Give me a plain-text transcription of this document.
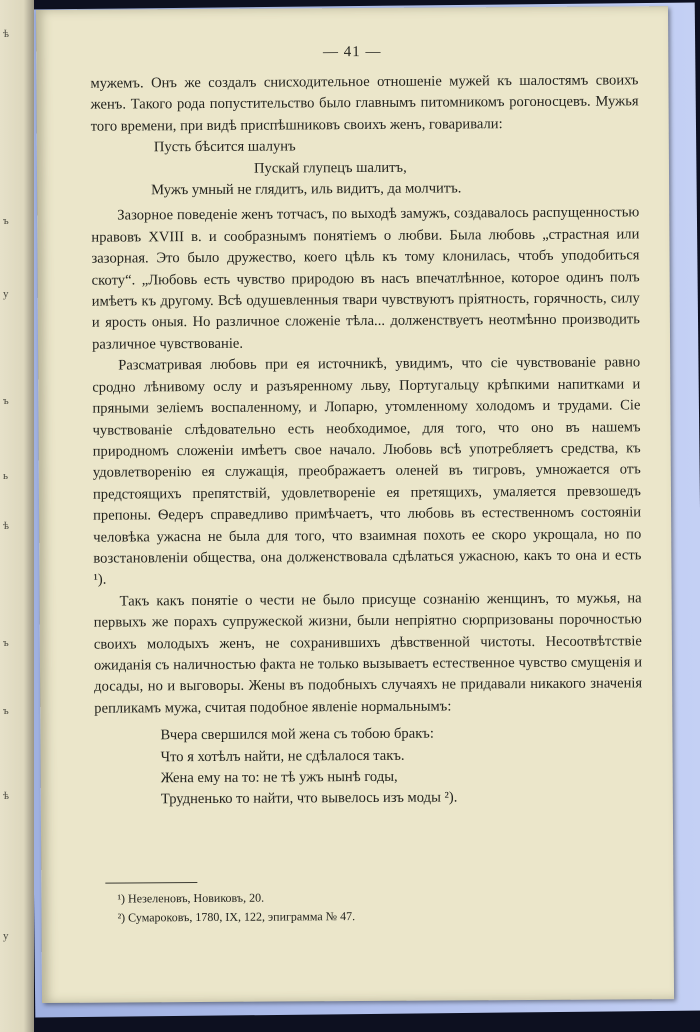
ѣ
ъ
у
ъ
ь
ѣ
ъ
ъ
ѣ
у
— 41 —

мужемъ. Онъ же создалъ снисходительное отношеніе мужей къ шалостямъ своихъ женъ. Такого рода попустительство было главнымъ питомникомъ рогоносцевъ. Мужья того времени, при видѣ приспѣшниковъ своихъ женъ, говаривали:

Пусть бѣсится шалунъ
Пускай глупецъ шалитъ,
Мужъ умный не глядитъ, иль видитъ, да молчитъ.

Зазорное поведеніе женъ тотчасъ, по выходѣ замужъ, создавалось распущенностью нравовъ XVIII в. и сообразнымъ понятіемъ о любви. Была любовь „страстная или зазорная. Это было дружество, коего цѣль къ тому клонилась, чтобъ уподобиться скоту“. „Любовь есть чувство природою въ насъ впечатлѣнное, которое одинъ полъ имѣетъ къ другому. Всѣ одушевленныя твари чувствуютъ пріятность, горячность, силу и ярость оныя. Но различное сложеніе тѣла... долженствуетъ неотмѣнно производить различное чувствованіе.

Разсматривая любовь при ея источникѣ, увидимъ, что сіе чувствованіе равно сродно лѣнивому ослу и разъяренному льву, Португальцу крѣпкими напитками и пряными зеліемъ воспаленному, и Лопарю, утомленному холодомъ и трудами. Сіе чувствованіе слѣдовательно есть необходимое, для того, что оно въ нашемъ природномъ сложеніи имѣетъ свое начало. Любовь всѣ употребляетъ средства, къ удовлетворенію ея служащія, преображаетъ оленей въ тигровъ, умножается отъ предстоящихъ препятствій, удовлетвореніе ея претящихъ, умаляется превзошедъ препоны. Ѳедеръ справедливо примѣчаетъ, что любовь въ естественномъ состояніи человѣка ужасна не была для того, что взаимная похоть ее скоро укрощала, но по возстановленіи общества, она долженствовала сдѣлаться ужасною, какъ то она и есть ¹).

Такъ какъ понятіе о чести не было присуще сознанію женщинъ, то мужья, на первыхъ же порахъ супружеской жизни, были непріятно сюрпризованы порочностью своихъ молодыхъ женъ, не сохранившихъ дѣвственной чистоты. Несоотвѣтствіе ожиданія съ наличностью факта не только вызываетъ естественное чувство смущенія и досады, но и выговоры. Жены въ подобныхъ случаяхъ не придавали никакого значенія репликамъ мужа, считая подобное явленіе нормальнымъ:

Вчера свершился мой жена съ тобою бракъ:
Что я хотѣлъ найти, не сдѣлалося такъ.
Жена ему на то: не тѣ ужъ нынѣ годы,
Трудненько то найти, что вывелось изъ моды ²).
¹) Незеленовъ, Новиковъ, 20.
²) Сумароковъ, 1780, IX, 122, эпиграмма № 47.
